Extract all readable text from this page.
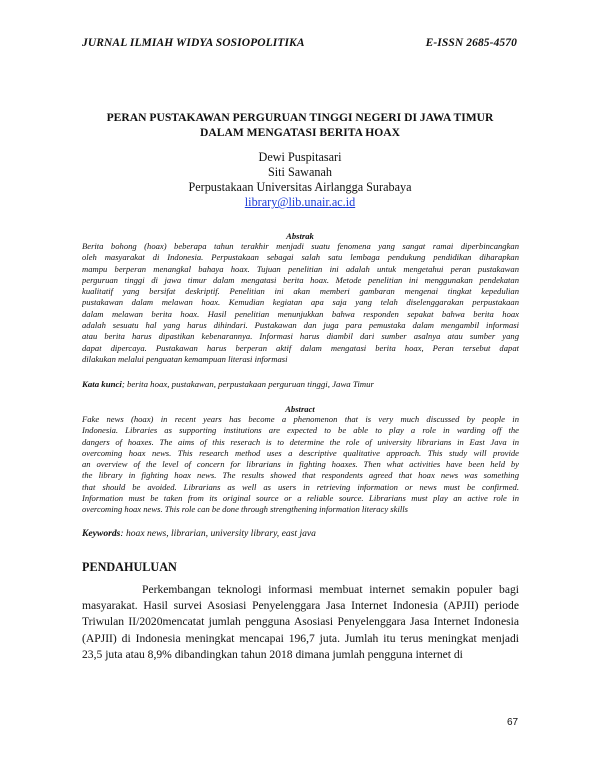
JURNAL ILMIAH WIDYA SOSIOPOLITIKA	E-ISSN 2685-4570
PERAN PUSTAKAWAN PERGURUAN TINGGI NEGERI DI JAWA TIMUR
DALAM MENGATASI BERITA HOAX
Dewi Puspitasari
Siti Sawanah
Perpustakaan Universitas Airlangga Surabaya
library@lib.unair.ac.id
Abstrak
Berita bohong (hoax) beberapa tahun terakhir menjadi suatu fenomena yang sangat ramai diperbincangkan
oleh masyarakat di Indonesia. Perpustakaan sebagai salah satu lembaga pendukung pendidikan diharapkan
mampu berperan menangkal bahaya hoax. Tujuan penelitian ini adalah untuk mengetahui peran pustakawan
perguruan tinggi di jawa timur dalam mengatasi berita hoax. Metode penelitian ini menggunakan pendekatan
kualitatif yang bersifat deskriptif. Penelitian ini akan memberi gambaran mengenai tingkat kepedulian
pustakawan dalam melawan hoax. Kemudian kegiatan apa saja yang telah diselenggarakan perpustakaan
dalam melawan berita hoax. Hasil penelitian menunjukkan bahwa responden sepakat bahwa berita hoax
adalah sesuatu hal yang harus dihindari. Pustakawan dan juga para pemustaka dalam mengambil informasi
atau berita harus dipastikan kebenarannya. Informasi harus diambil dari sumber asalnya atau sumber yang
dapat dipercaya. Pustakawan harus berperan aktif dalam mengatasi berita hoax, Peran tersebut dapat
dilakukan melalui penguatan kemampuan literasi informasi
Kata kunci; berita hoax, pustakawan, perpustakaan perguruan tinggi, Jawa Timur
Abstract
Fake news (hoax) in recent years has become a phenomenon that is very much discussed by people in
Indonesia. Libraries as supporting institutions are expected to be able to play a role in warding off the
dangers of hoaxes. The aims of this reserach is to determine the role of university librarians in East Java in
overcoming hoax news. This research method uses a descriptive qualitative approach. This study will provide
an overview of the level of concern for librarians in fighting hoaxes. Then what activities have been held by
the library in fighting hoax news. The results showed that respondents agreed that hoax news was something
that should be avoided. Librarians as well as users in retrieving information or news must be confirmed.
Information must be taken from its original source or a reliable source. Librarians must play an active role in
overcoming hoax news. This role can be done through strengthening information literacy skills
Keywords: hoax news, librarian, university library, east java
PENDAHULUAN
Perkembangan teknologi informasi membuat internet semakin populer bagi
masyarakat. Hasil survei Asosiasi Penyelenggara Jasa Internet Indonesia (APJII) periode
Triwulan II/2020mencatat jumlah pengguna Asosiasi Penyelenggara Jasa Internet Indonesia
(APJII) di Indonesia meningkat mencapai 196,7 juta. Jumlah itu terus meningkat menjadi
23,5 juta atau 8,9% dibandingkan tahun 2018 dimana jumlah pengguna internet di
67
